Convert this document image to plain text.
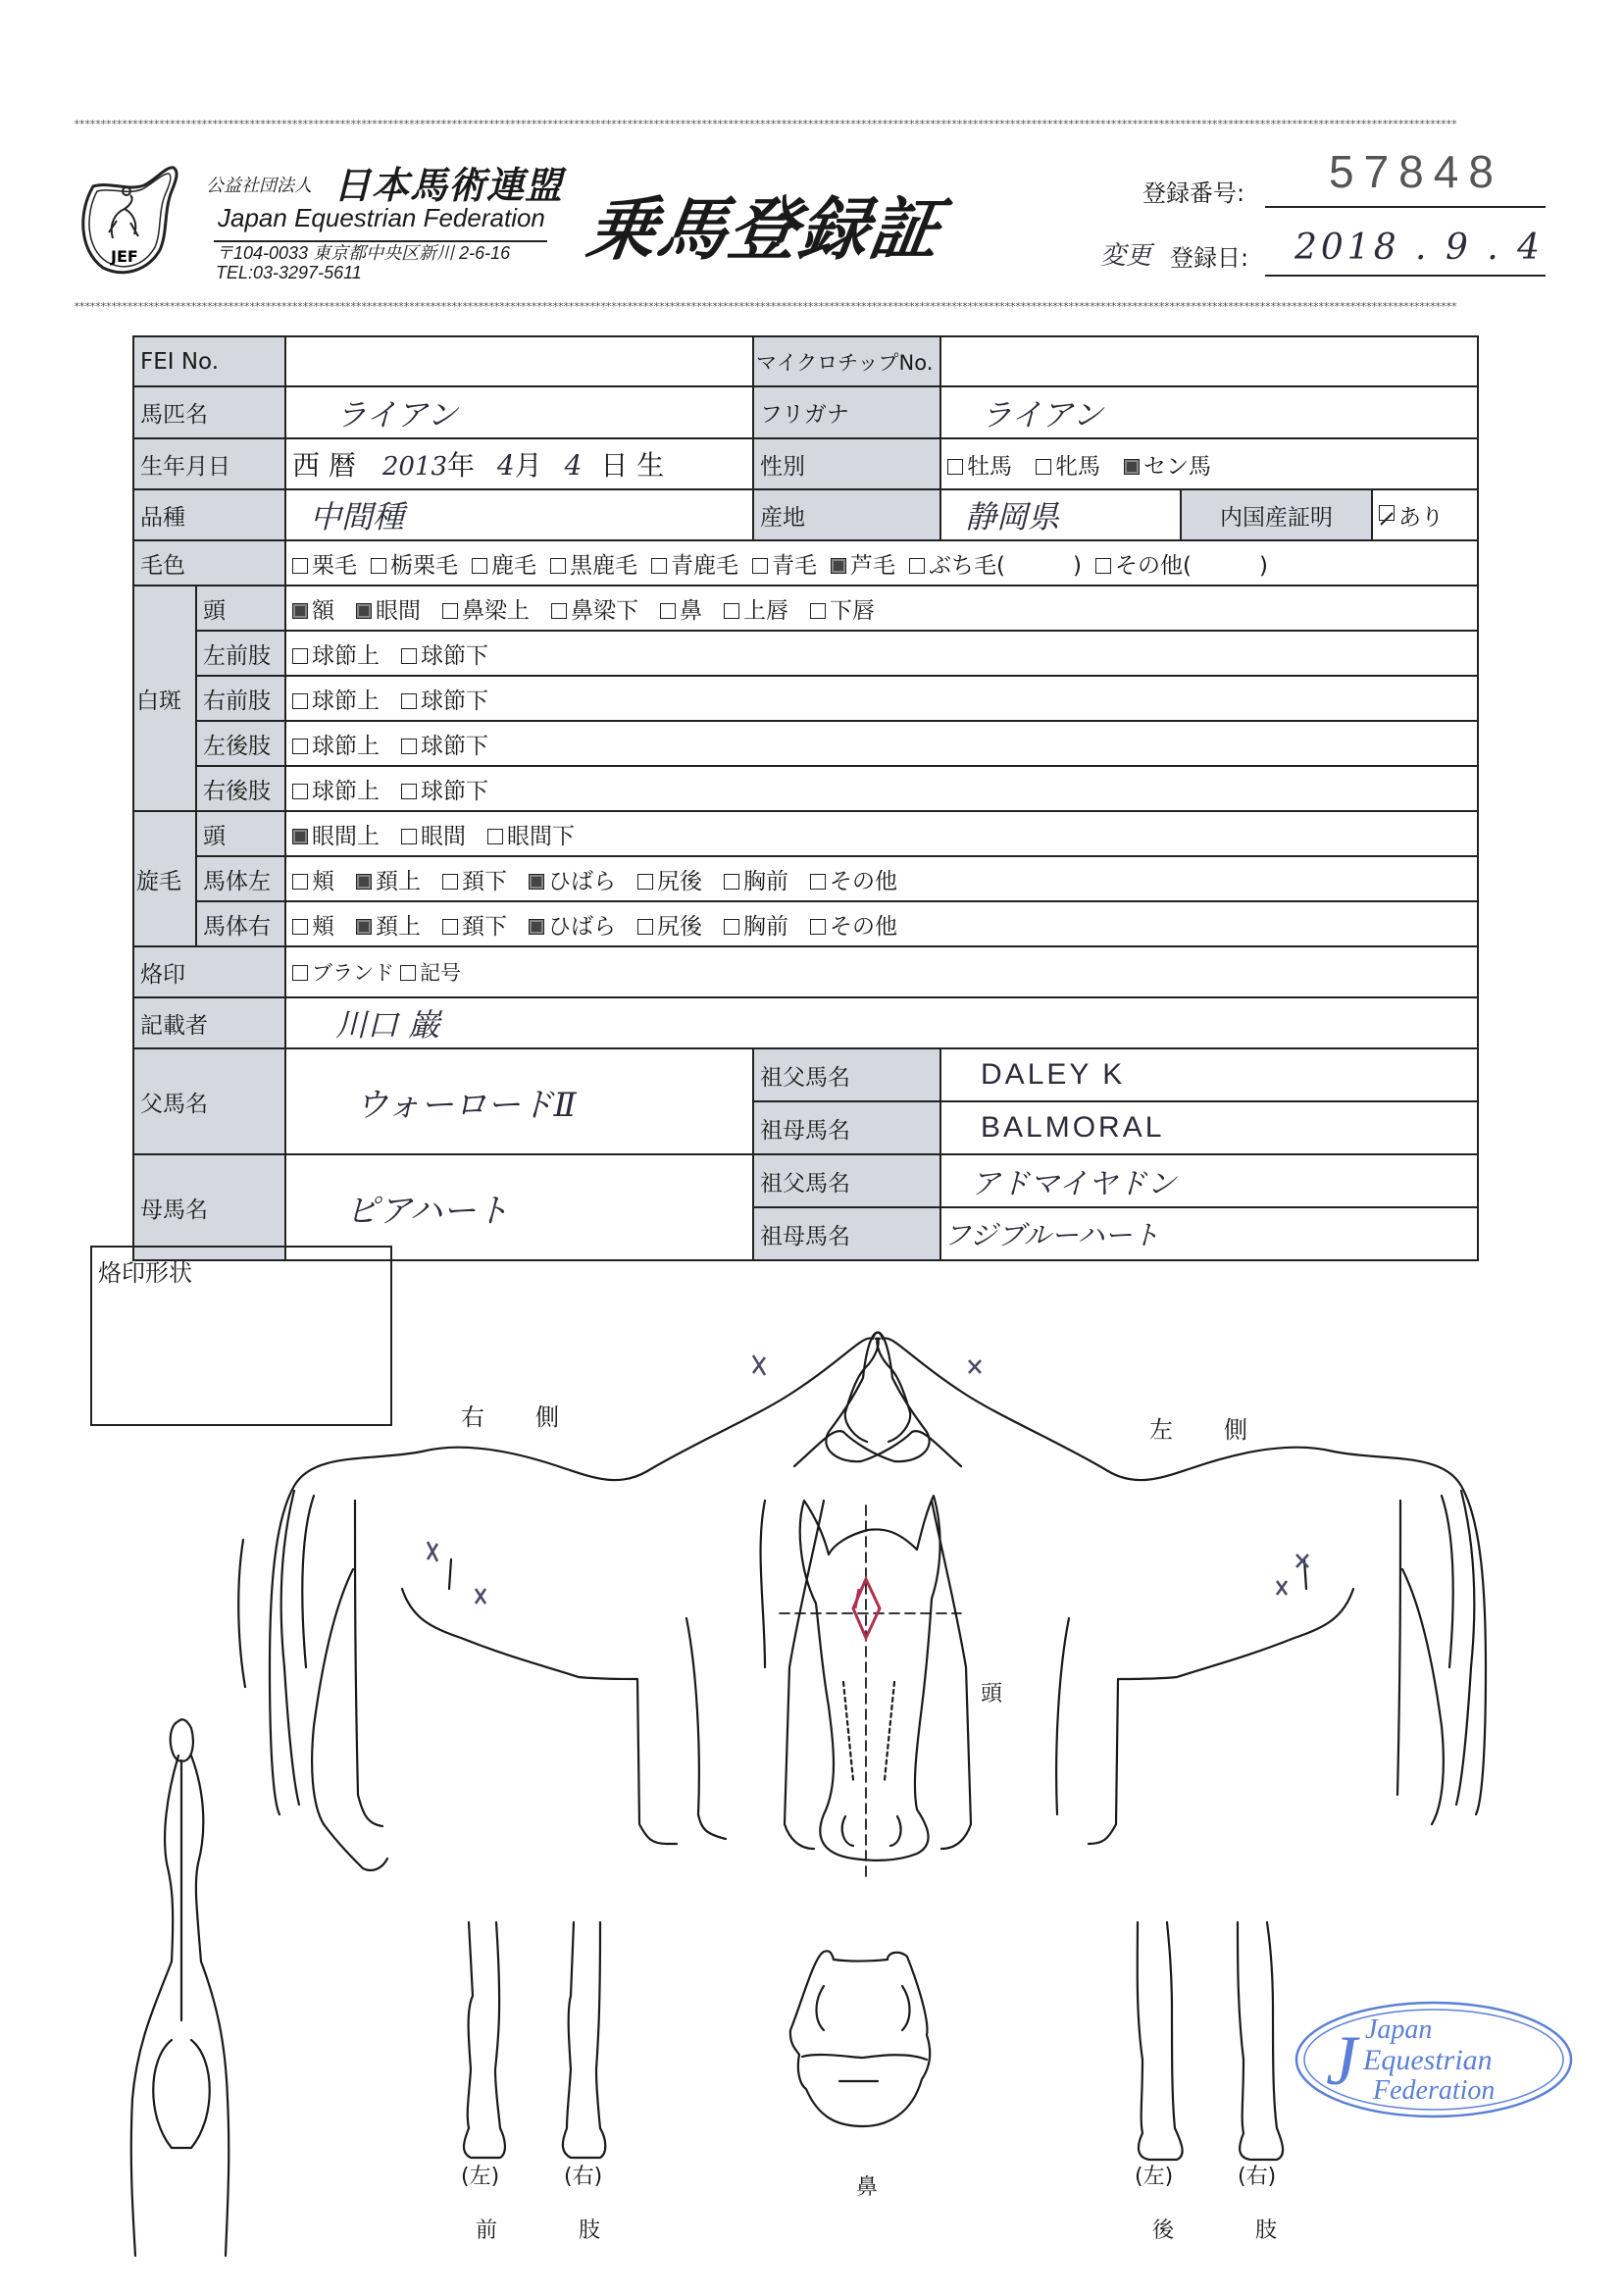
********************************************************************************************************************************************************************************************************************************************************************
JEF
公益社団法人 日本馬術連盟
Japan Equestrian Federation
〒104-0033 東京都中央区新川 2-6-16
TEL:03-3297-5611
乗馬登録証	登録番号: 57848
変更 登録日: 2018 . 9 . 4
********************************************************************************************************************************************************************************************************************************************************************
FEI No.			マイクロチップNo.			
馬匹名		ライアン	フリガナ	ライアン		
生年月日		西 暦 2013年 4月 4 日 生	性別	牡馬 牝馬 セン馬		
品種		中間種	産地	静岡県	内国産証明	あり
毛色		栗毛 栃栗毛 鹿毛 黒鹿毛 青鹿毛 青毛 芦毛 ぶち毛(　　　) その他(　　　)				
白斑	頭	額 眼間 鼻梁上 鼻梁下 鼻 上唇 下唇				
	左前肢	球節上 球節下				
	右前肢	球節上 球節下				
	左後肢	球節上 球節下				
	右後肢	球節上 球節下				
旋毛	頭	眼間上 眼間 眼間下				
	馬体左	頬 頚上 頚下 ひばら 尻後 胸前 その他				
	馬体右	頬 頚上 頚下 ひばら 尻後 胸前 その他				
烙印		ブランド 記号				
記載者		川口 巌				
父馬名		ウォーロードⅡ	祖父馬名	DALEY K		
			祖母馬名	BALMORAL		
母馬名		ピアハート	祖父馬名	アドマイヤドン		
			祖母馬名	フジブルーハート		
烙印形状
右側	左側
頭
鼻
(左)	(右)
前	肢
(左)	(右)
後	肢
J Japan
Equestrian
Federation
